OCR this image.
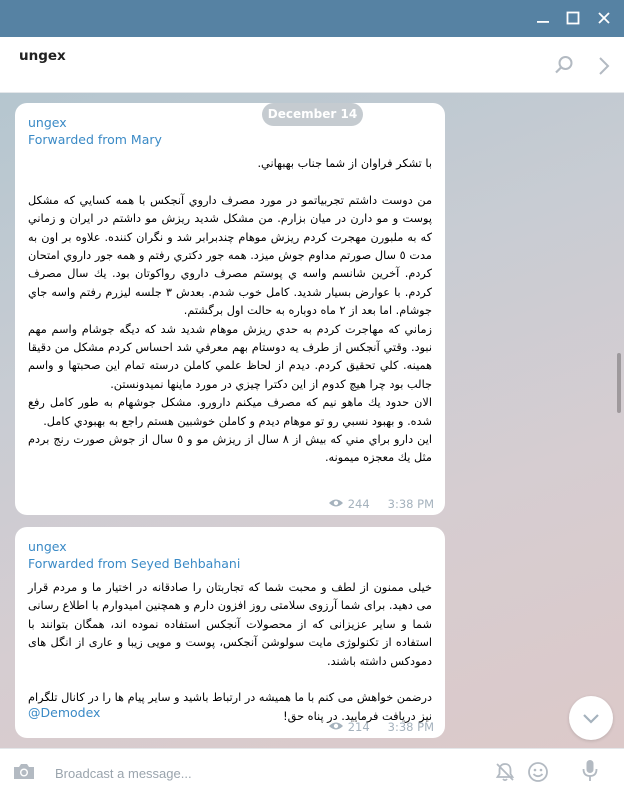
ungex
ungex
Forwarded from Mary

با تشكر فراوان از شما جناب بهبهاني.

من دوست داشتم تجربياتمو در مورد مصرف داروي آنجكس با همه كسايي كه مشكل پوست و مو دارن در ميان بزارم. من مشكل شديد ريزش مو داشتم در ايران و زماني كه به ملبورن مهجرت كردم ريزش موهام چندبرابر شد و نگران كننده. علاوه بر اون به مدت ٥ سال صورتم مداوم جوش ميزد. همه جور دكتري رفتم و همه جور داروي امتحان كردم. آخرين شانسم واسه ي پوستم مصرف داروي رواکوتان بود. يك سال مصرف كردم. با عوارض بسيار شديد. كامل خوب شدم. بعدش ٣ جلسه ليزرم رفتم واسه جاي جوشام. اما بعد از ٢ ماه دوباره به حالت اول برگشتم.

زماني كه مهاجرت كردم به حدي ريزش موهام شديد شد كه ديگه جوشام واسم مهم نبود. وقتي آنجكس از طرف يه دوستام بهم معرفي شد احساس كردم مشكل من دقيقا همينه. كلي تحقيق كردم. ديدم از لحاظ علمي كاملن درسته تمام اين صحبتها و واسم جالب بود چرا هيچ كدوم از اين دكترا چيزي در مورد ماينها نميدونستن.

الان حدود يك ماهو نيم كه مصرف ميكنم دارورو. مشكل جوشهام به طور كامل رفع شده. و بهبود نسبي رو تو موهام ديدم و كاملن خوشبين هستم راجع به بهبودي كامل.

اين دارو براي مني كه بيش از ٨ سال از ريزش مو و ٥ سال از جوش صورت رنج بردم مثل يك معجزه ميمونه.

244 3:38 PM
ungex
Forwarded from Seyed Behbahani

خیلی ممنون از لطف و محبت شما که تجاربتان را صادقانه در اختیار ما و مردم قرار می دهید. برای شما آرزوی سلامتی روز افزون دارم و همچنین امیدوارم با اطلاع رسانی شما و سایر عزیزانی که از محصولات آنجکس استفاده نموده اند، همگان بتوانند با استفاده از تکنولوژی مایت سولوشن آنجکس، پوست و مویی زیبا و عاری از انگل های دمودکس داشته باشند.

درضمن خواهش می کنم با ما همیشه در ارتباط باشید و سایر پیام ها را در کانال تلگرام نیز دریافت فرمایید. در پناه حق!

@Demodex
214 3:38 PM
December 14
Broadcast a message...
